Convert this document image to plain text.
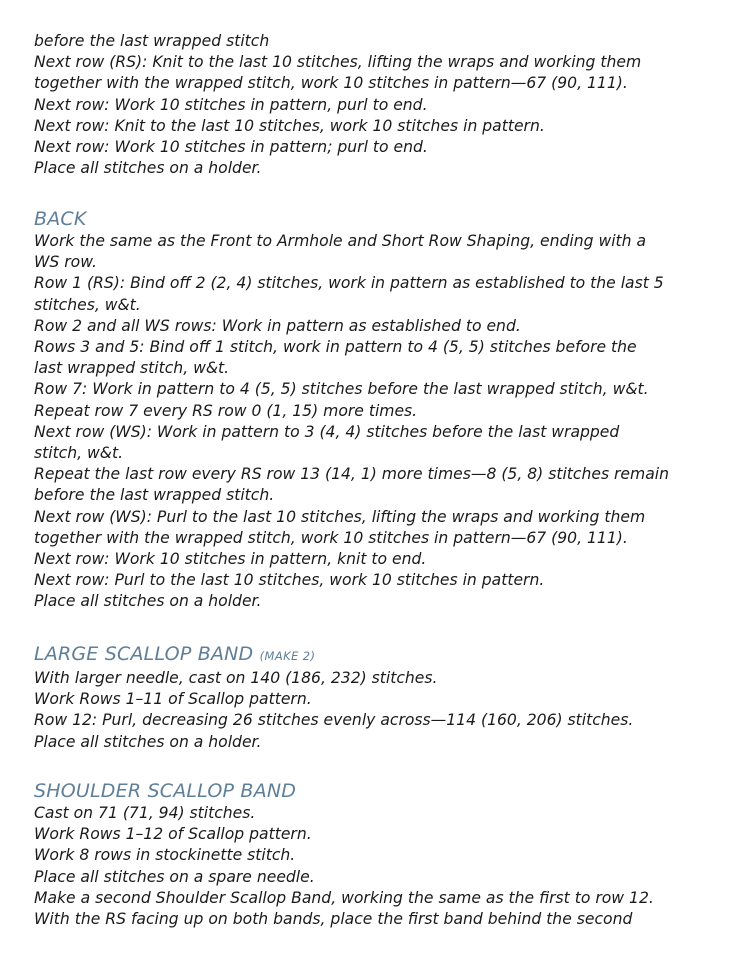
before the last wrapped stitch
Next row (RS): Knit to the last 10 stitches, lifting the wraps and working them
together with the wrapped stitch, work 10 stitches in pattern—67 (90, 111).
Next row: Work 10 stitches in pattern, purl to end.
Next row: Knit to the last 10 stitches, work 10 stitches in pattern.
Next row: Work 10 stitches in pattern; purl to end.
Place all stitches on a holder.
BACK
Work the same as the Front to Armhole and Short Row Shaping, ending with a
WS row.
Row 1 (RS): Bind off 2 (2, 4) stitches, work in pattern as established to the last 5
stitches, w&t.
Row 2 and all WS rows: Work in pattern as established to end.
Rows 3 and 5: Bind off 1 stitch, work in pattern to 4 (5, 5) stitches before the
last wrapped stitch, w&t.
Row 7: Work in pattern to 4 (5, 5) stitches before the last wrapped stitch, w&t.
Repeat row 7 every RS row 0 (1, 15) more times.
Next row (WS): Work in pattern to 3 (4, 4) stitches before the last wrapped
stitch, w&t.
Repeat the last row every RS row 13 (14, 1) more times—8 (5, 8) stitches remain
before the last wrapped stitch.
Next row (WS): Purl to the last 10 stitches, lifting the wraps and working them
together with the wrapped stitch, work 10 stitches in pattern—67 (90, 111).
Next row: Work 10 stitches in pattern, knit to end.
Next row: Purl to the last 10 stitches, work 10 stitches in pattern.
Place all stitches on a holder.
LARGE SCALLOP BAND (MAKE 2)
With larger needle, cast on 140 (186, 232) stitches.
Work Rows 1–11 of Scallop pattern.
Row 12: Purl, decreasing 26 stitches evenly across—114 (160, 206) stitches.
Place all stitches on a holder.
SHOULDER SCALLOP BAND
Cast on 71 (71, 94) stitches.
Work Rows 1–12 of Scallop pattern.
Work 8 rows in stockinette stitch.
Place all stitches on a spare needle.
Make a second Shoulder Scallop Band, working the same as the first to row 12.
With the RS facing up on both bands, place the first band behind the second
